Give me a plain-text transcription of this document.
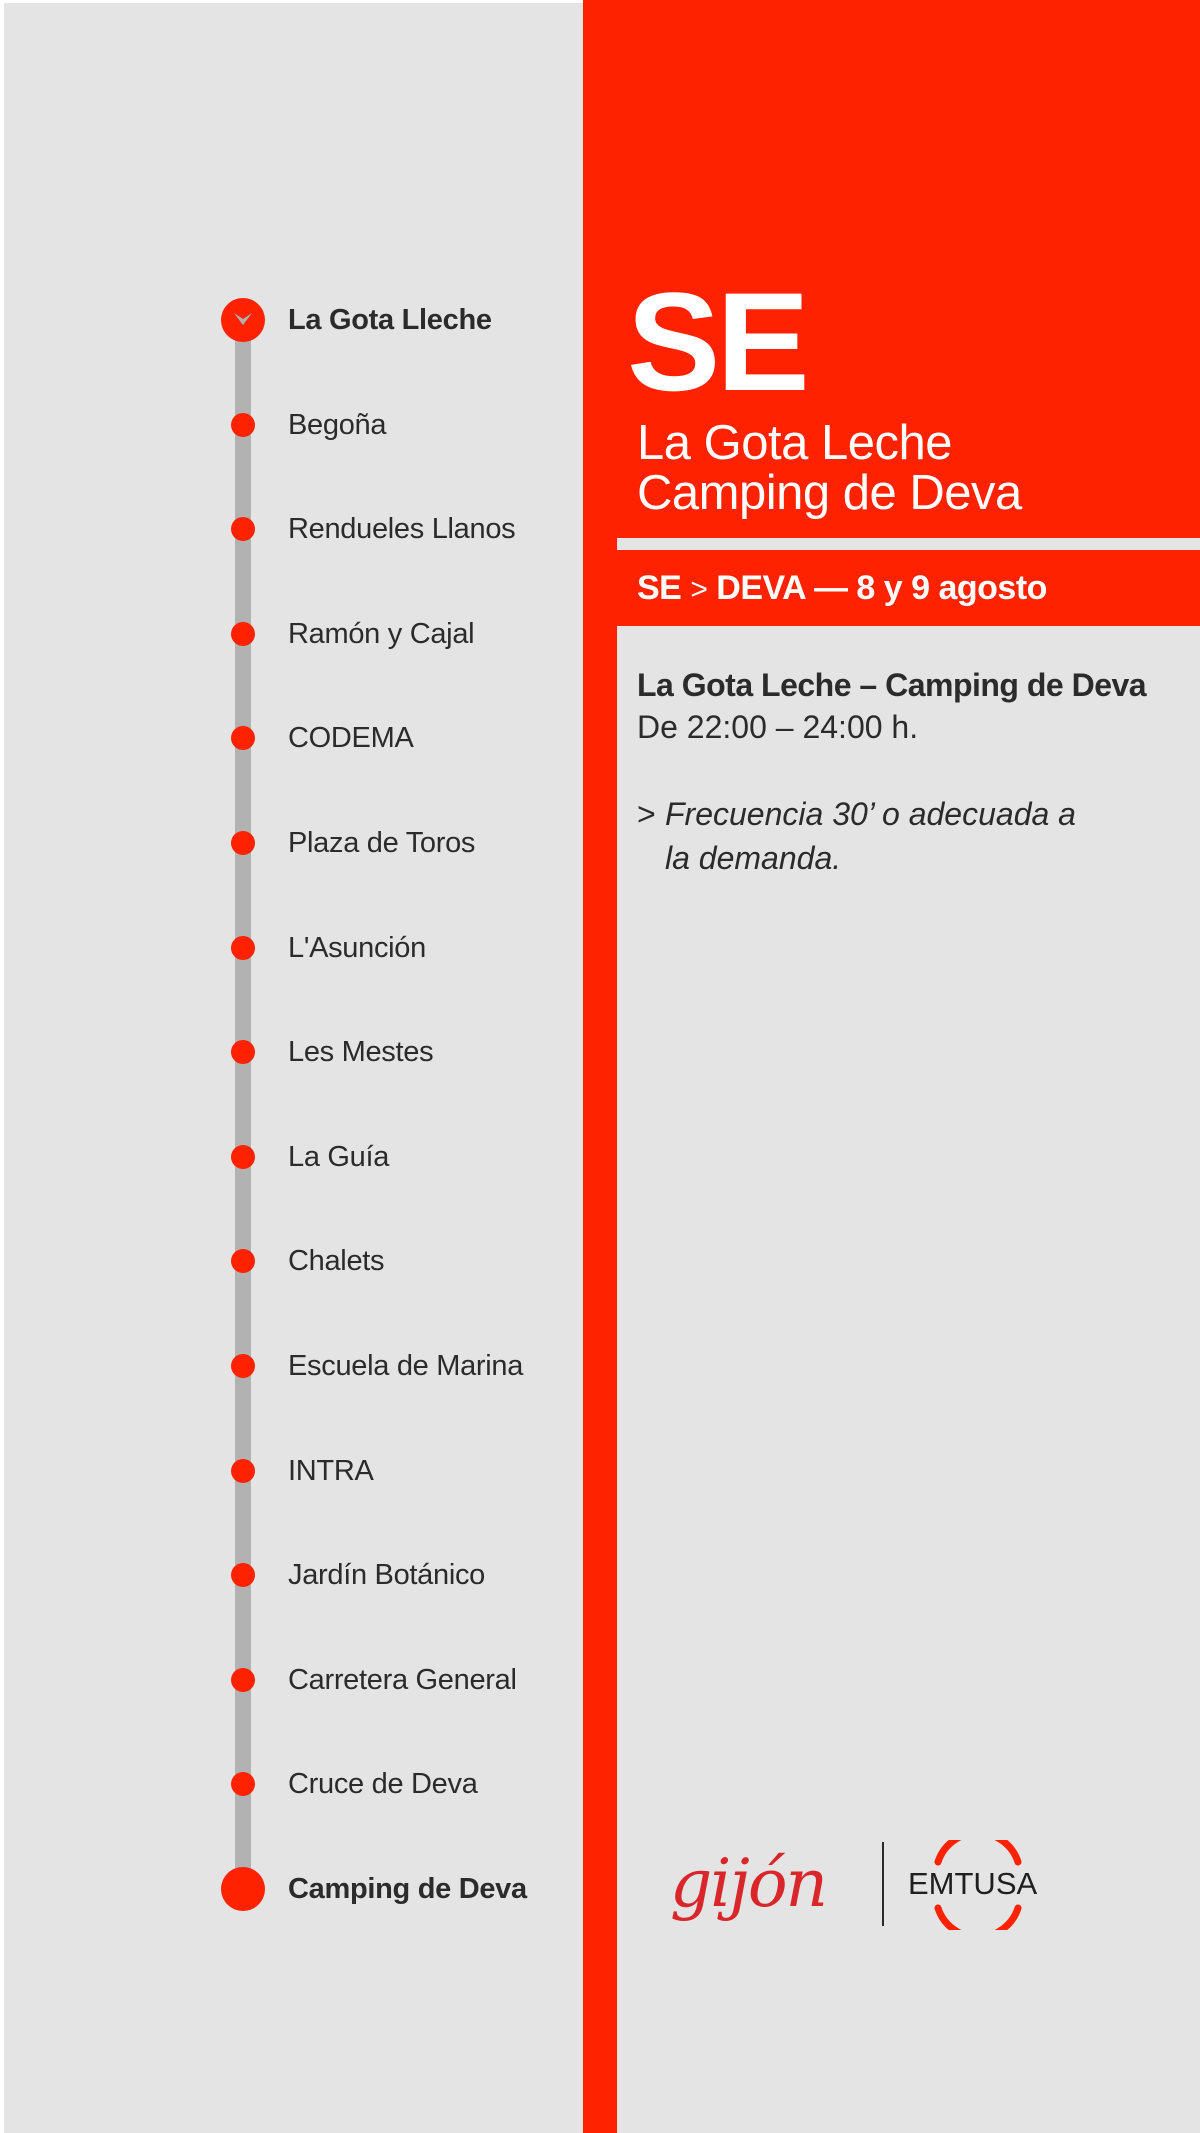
La Gota Lleche
Begoña
Rendueles Llanos
Ramón y Cajal
CODEMA
Plaza de Toros
L'Asunción
Les Mestes
La Guía
Chalets
Escuela de Marina
INTRA
Jardín Botánico
Carretera General
Cruce de Deva
Camping de Deva
SE
La Gota Leche
Camping de Deva
SE > DEVA — 8 y 9 agosto
La Gota Leche – Camping de Deva
De 22:00 – 24:00 h.
> Frecuencia 30’ o adecuada a la demanda.
gijón	EMTUSA
